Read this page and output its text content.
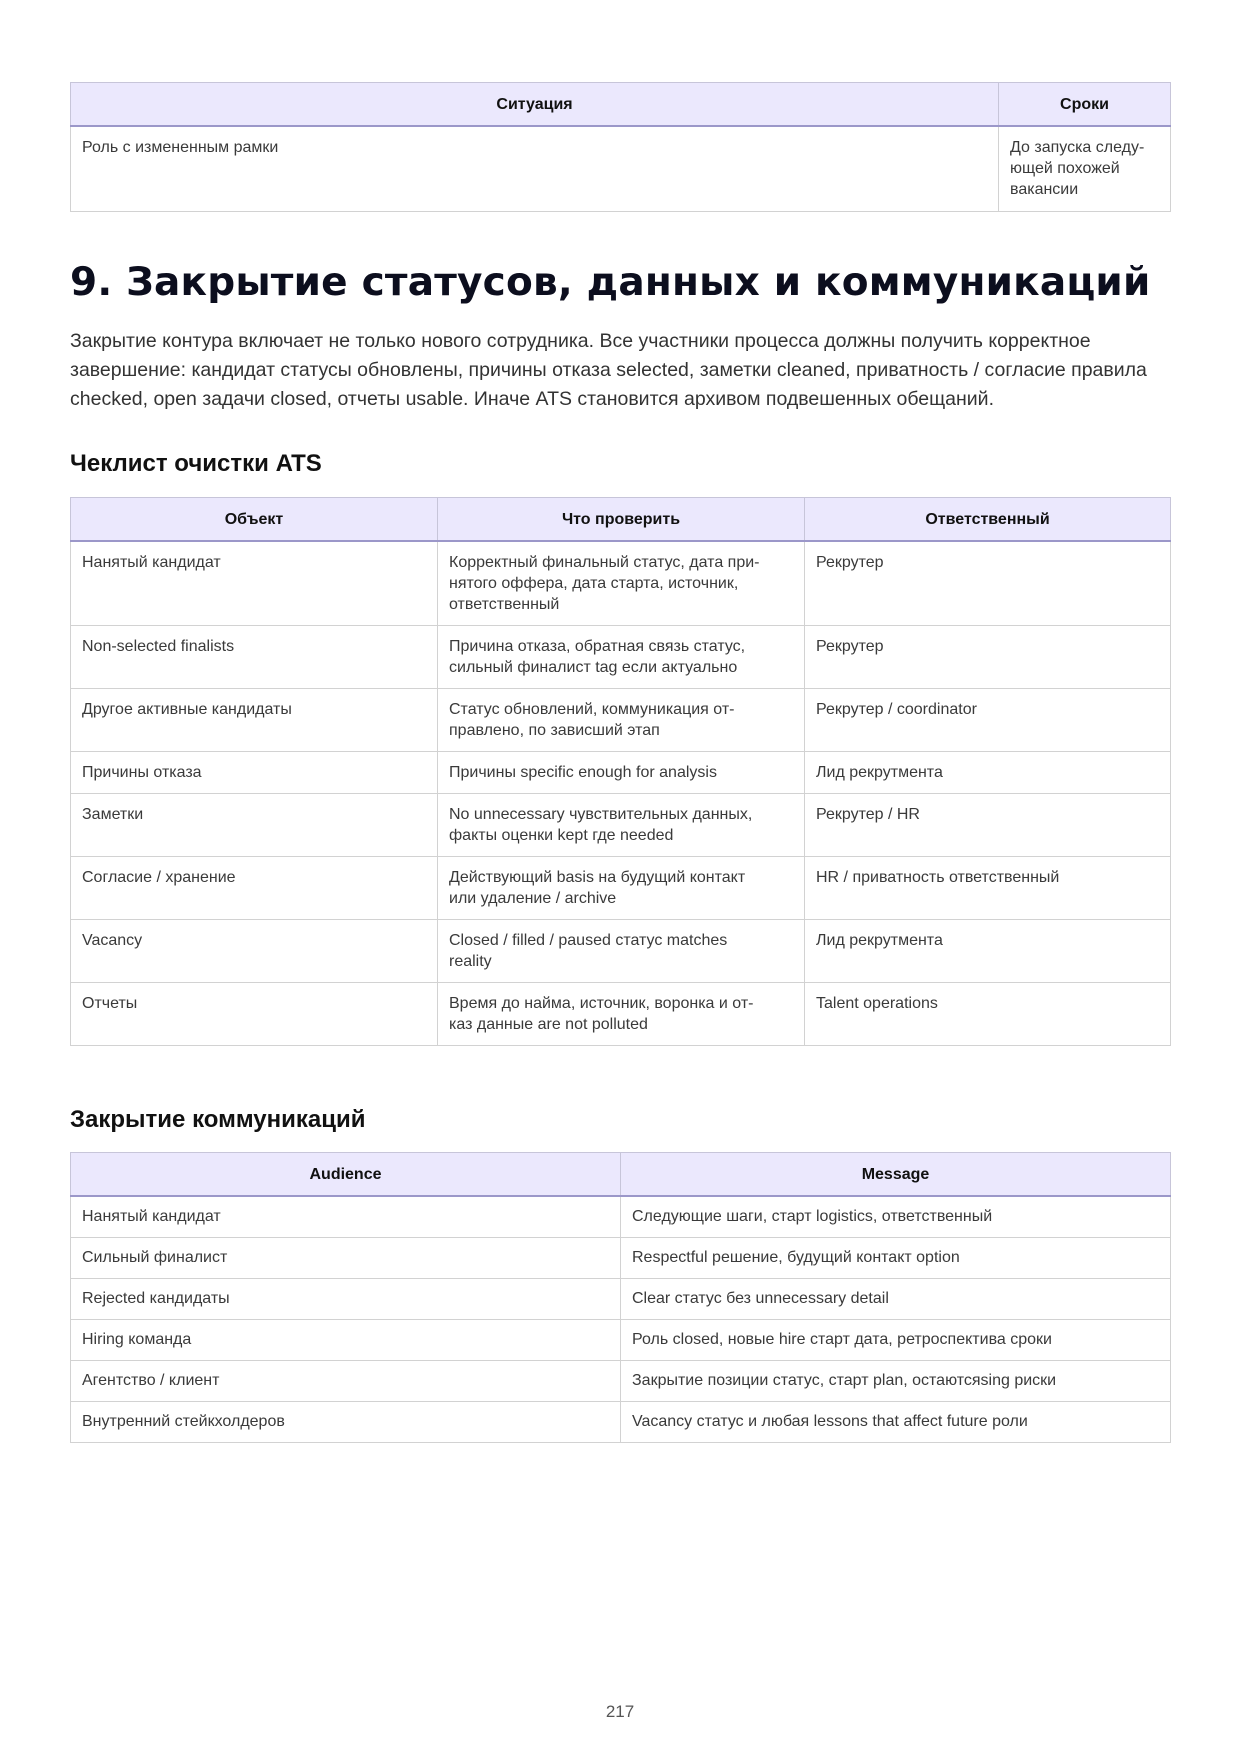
Ситуация	Сроки
Роль с измененным рамки	До запуска следу-
ющей похожей
вакансии
9. Закрытие статусов, данных и коммуникаций

Закрытие контура включает не только нового сотрудника. Все участники процесса должны получить корректное завершение: кандидат статусы обновлены, причины отказа selected, заметки cleaned, приватность / согласие правила checked, open задачи closed, отчеты usable. Иначе ATS становится архивом подвешенных обещаний.

Чеклист очистки ATS
Объект	Что проверить	Ответственный
Нанятый кандидат	Корректный финальный статус, дата при-
нятого оффера, дата старта, источник,
ответственный	Рекрутер
Non-selected finalists	Причина отказа, обратная связь статус,
сильный финалист tag если актуально	Рекрутер
Другое активные кандидаты	Статус обновлений, коммуникация от-
правлено, по зависший этап	Рекрутер / coordinator
Причины отказа	Причины specific enough for analysis	Лид рекрутмента
Заметки	No unnecessary чувствительных данных,
факты оценки kept где needed	Рекрутер / HR
Согласие / хранение	Действующий basis на будущий контакт
или удаление / archive	HR / приватность ответственный
Vacancy	Closed / filled / paused статус matches
reality	Лид рекрутмента
Отчеты	Время до найма, источник, воронка и от-
каз данные are not polluted	Talent operations
Закрытие коммуникаций
Audience	Message
Нанятый кандидат	Следующие шаги, старт logistics, ответственный
Сильный финалист	Respectful решение, будущий контакт option
Rejected кандидаты	Clear статус без unnecessary detail
Hiring команда	Роль closed, новые hire старт дата, ретроспектива сроки
Агентство / клиент	Закрытие позиции статус, старт plan, остаются‌sing риски
Внутренний стейкхолдеров	Vacancy статус и любая lessons that affect future роли
217
